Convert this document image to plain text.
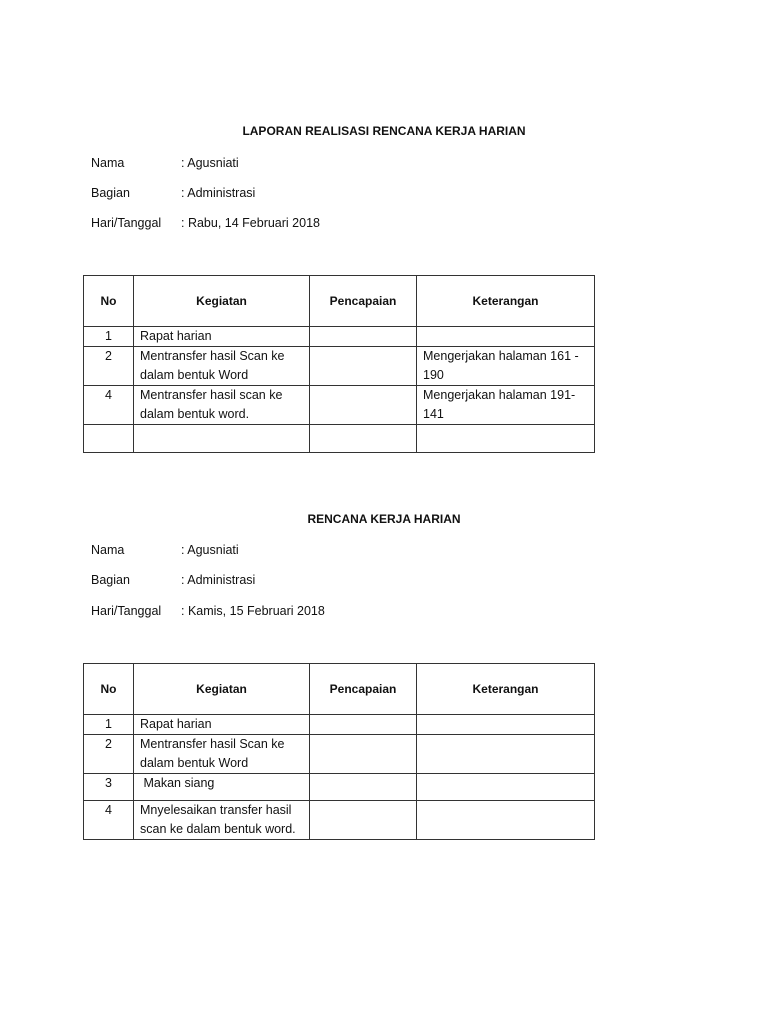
LAPORAN REALISASI RENCANA KERJA HARIAN
Nama	: Agusniati
Bagian	: Administrasi
Hari/Tanggal : Rabu, 14 Februari 2018
No	Kegiatan	Pencapaian	Keterangan
1	Rapat harian		
2	Mentransfer hasil Scan ke dalam bentuk Word		Mengerjakan halaman 161 - 190
4	Mentransfer hasil scan ke dalam bentuk word.		Mengerjakan halaman 191-141

RENCANA KERJA HARIAN
Nama	: Agusniati
Bagian	: Administrasi
Hari/Tanggal : Kamis, 15 Februari 2018
No	Kegiatan	Pencapaian	Keterangan
1	Rapat harian		
2	Mentransfer hasil Scan ke dalam bentuk Word		
3	Makan siang		
4	Mnyelesaikan transfer hasil scan ke dalam bentuk word.		
